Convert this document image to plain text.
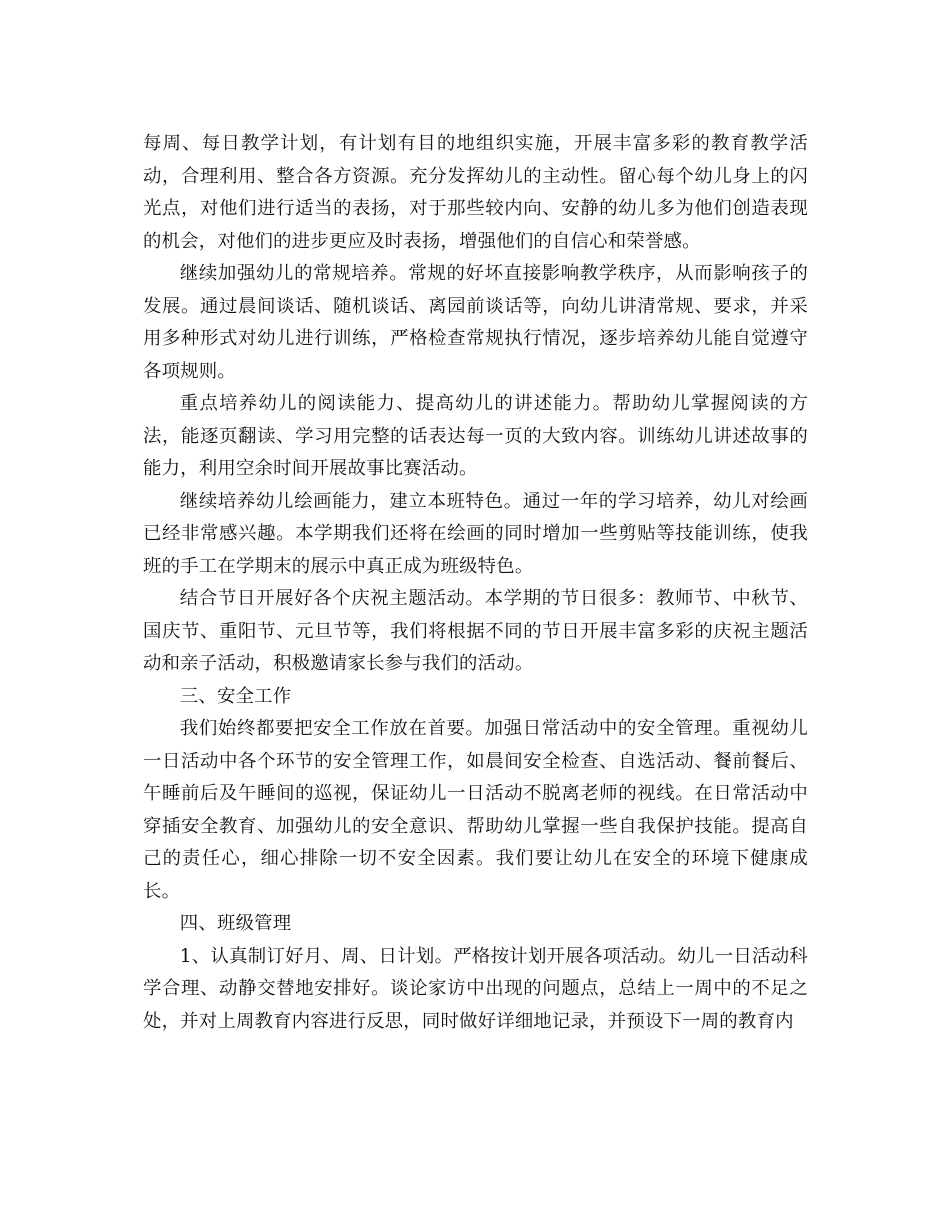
每周、每日教学计划，有计划有目的地组织实施，开展丰富多彩的教育教学活动，合理利用、整合各方资源。充分发挥幼儿的主动性。留心每个幼儿身上的闪光点，对他们进行适当的表扬，对于那些较内向、安静的幼儿多为他们创造表现的机会，对他们的进步更应及时表扬，增强他们的自信心和荣誉感。

继续加强幼儿的常规培养。常规的好坏直接影响教学秩序，从而影响孩子的发展。通过晨间谈话、随机谈话、离园前谈话等，向幼儿讲清常规、要求，并采用多种形式对幼儿进行训练，严格检查常规执行情况，逐步培养幼儿能自觉遵守各项规则。

重点培养幼儿的阅读能力、提高幼儿的讲述能力。帮助幼儿掌握阅读的方法，能逐页翻读、学习用完整的话表达每一页的大致内容。训练幼儿讲述故事的能力，利用空余时间开展故事比赛活动。

继续培养幼儿绘画能力，建立本班特色。通过一年的学习培养，幼儿对绘画已经非常感兴趣。本学期我们还将在绘画的同时增加一些剪贴等技能训练，使我班的手工在学期末的展示中真正成为班级特色。

结合节日开展好各个庆祝主题活动。本学期的节日很多：教师节、中秋节、国庆节、重阳节、元旦节等，我们将根据不同的节日开展丰富多彩的庆祝主题活动和亲子活动，积极邀请家长参与我们的活动。

三、安全工作

我们始终都要把安全工作放在首要。加强日常活动中的安全管理。重视幼儿一日活动中各个环节的安全管理工作，如晨间安全检查、自选活动、餐前餐后、午睡前后及午睡间的巡视，保证幼儿一日活动不脱离老师的视线。在日常活动中穿插安全教育、加强幼儿的安全意识、帮助幼儿掌握一些自我保护技能。提高自己的责任心，细心排除一切不安全因素。我们要让幼儿在安全的环境下健康成长。

四、班级管理

1、认真制订好月、周、日计划。严格按计划开展各项活动。幼儿一日活动科学合理、动静交替地安排好。谈论家访中出现的问题点，总结上一周中的不足之处，并对上周教育内容进行反思，同时做好详细地记录，并预设下一周的教育内
